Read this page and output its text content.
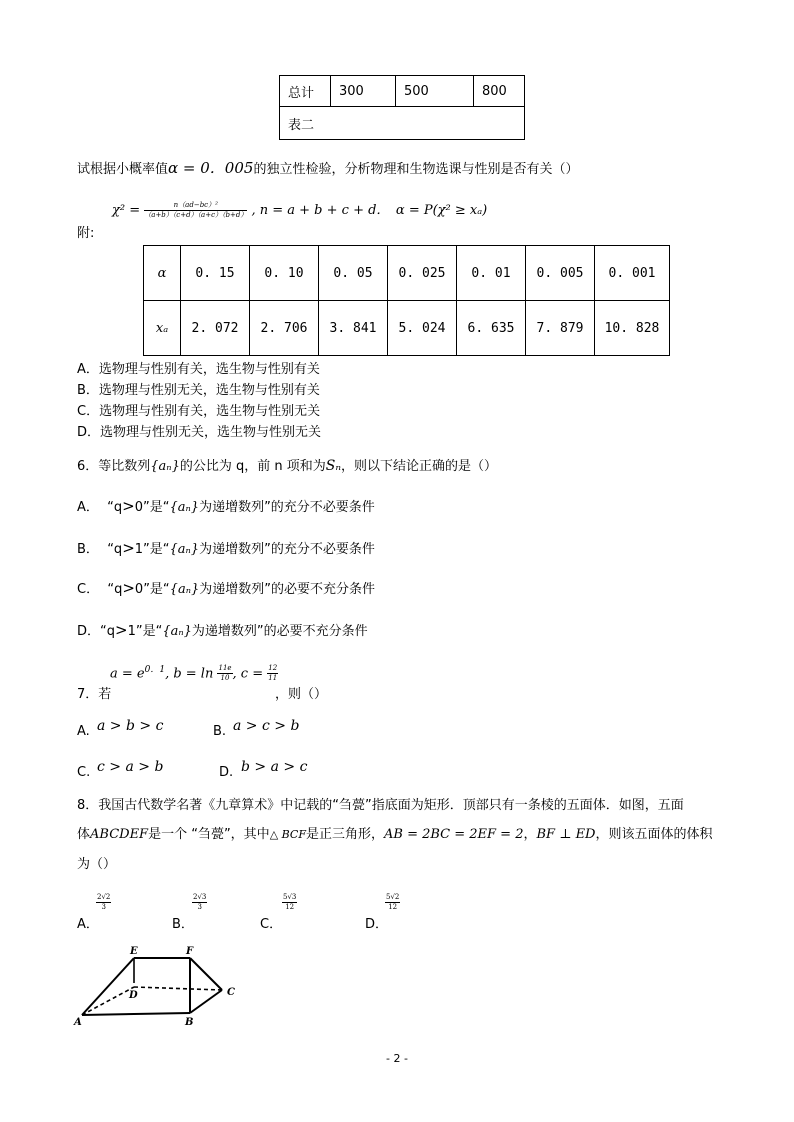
总计	300	500	800
表二
试根据小概率值α = 0．005的独立性检验，分析物理和生物选课与性别是否有关（）
$\chi^2 = \frac{\text{n（ad−bc）²}}{(a+b)(c+d)(a+c)(b+d)}$ , n = a + b + c + d．　α = P(χ² ≥ xₐ)
附:
α	0. 15	0. 10	0. 05	0. 025	0. 01	0. 005	0. 001
xₐ	2. 072	2. 706	3. 841	5. 024	6. 635	7. 879	10. 828
A．选物理与性别有关，选生物与性别有关
B．选物理与性别无关，选生物与性别有关
C．选物理与性别有关，选生物与性别无关
D．选物理与性别无关，选生物与性别无关
6．等比数列{aₙ}的公比为 q，前 n 项和为Sₙ，则以下结论正确的是（）
A． “q>0”是“{aₙ}为递增数列”的充分不必要条件
B． “q>1”是“{aₙ}为递增数列”的充分不必要条件
C． “q>0”是“{aₙ}为递增数列”的必要不充分条件
D．“q>1”是“{aₙ}为递增数列”的必要不充分条件
$a = e^{0.1}$, $b = \ln \frac{11e}{10}$ , $c = \frac{12}{11}$
7．若	，则（）
A. a > b > c	B. a > c > b
C. c > a > b	D. b > a > c
8．我国古代数学名著《九章算术》中记载的“刍甍”指底面为矩形．顶部只有一条棱的五面体．如图，五面
体ABCDEF是一个 “刍甍”，其中△ BCF是正三角形，AB = 2BC = 2EF = 2，BF ⊥ ED，则该五面体的体积
为（）
A．
$\frac{2√2}{3}$
B．
$\frac{2√3}{3}$
C．
$\frac{5√3}{12}$
D．
$\frac{5√2}{12}$
E	F
D	C
A	B
- 2 -
